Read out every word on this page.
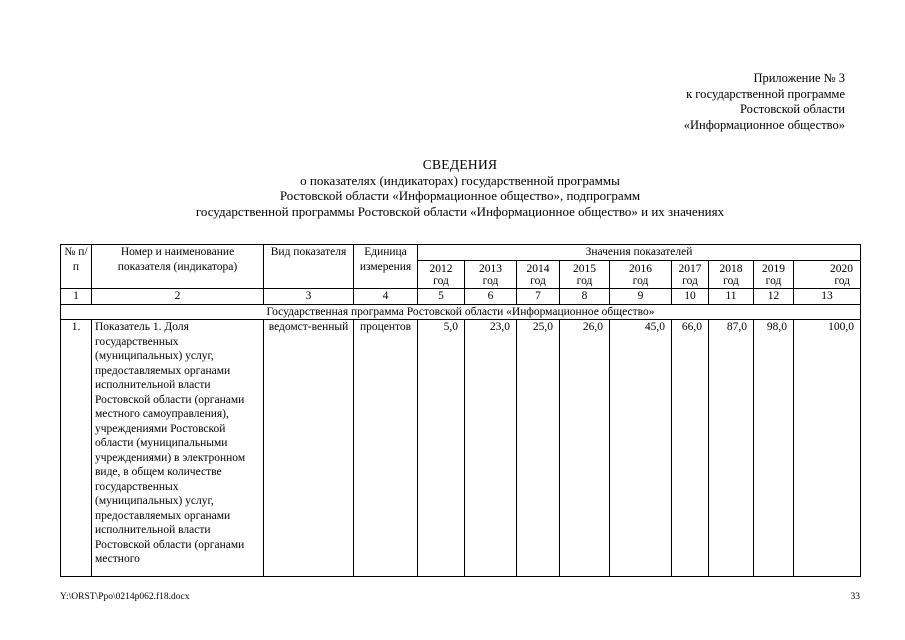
Приложение № 3
к государственной программе
Ростовской области
«Информационное общество»
СВЕДЕНИЯ
о показателях (индикаторах) государственной программы
Ростовской области «Информационное общество», подпрограмм
государственной программы Ростовской области «Информационное общество» и их значениях
№ п/п	Номер и наименование показателя (индикатора)	Вид показателя	Единица измерения	Значения показателей								
				2012	2013	2014	2015	2016	2017	2018	2019	2020
				год	год	год	год	год	год	год	год	год
1	2	3	4	5	6	7	8	9	10	11	12	13
Государственная программа Ростовской области «Информационное общество»												
1.	Показатель 1. Доля государственных (муниципальных) услуг, предоставляемых органами исполнительной власти Ростовской области (органами местного самоуправления), учреждениями Ростовской области (муниципальными учреждениями) в электронном виде, в общем количестве государственных (муниципальных) услуг, предоставляемых органами исполнительной власти Ростовской области (органами местного	ведомст-венный	процентов	5,0	23,0	25,0	26,0	45,0	66,0	87,0	98,0	100,0
Y:\ORST\Ppo\0214p062.f18.docx	33
